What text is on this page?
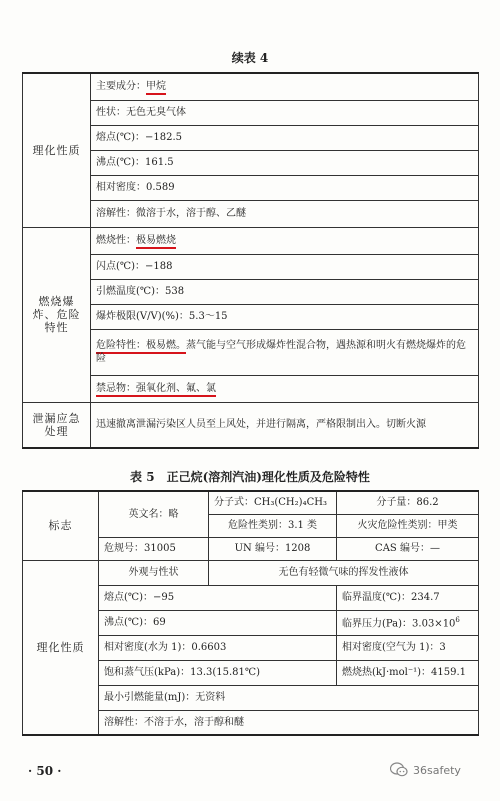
续表 4
理化性质	主要成分：甲烷
	性状：无色无臭气体
	熔点(℃)：−182.5
	沸点(℃)：161.5
	相对密度：0.589
	溶解性：微溶于水，溶于醇、乙醚
燃烧爆炸、危险特性	燃烧性：极易燃烧
	闪点(℃)：−188
	引燃温度(℃)：538
	爆炸极限(V/V)(%)：5.3～15
	危险特性：极易燃。蒸气能与空气形成爆炸性混合物，遇热源和明火有燃烧爆炸的危险
	禁忌物：强氧化剂、氟、氯
泄漏应急处理	迅速撤离泄漏污染区人员至上风处，并进行隔离，严格限制出入。切断火源
表 5　正己烷(溶剂汽油)理化性质及危险特性
标志	英文名：略	分子式：CH₃(CH₂)₄CH₃	分子量：86.2
		危险性类别：3.1 类	火灾危险性类别：甲类
	危规号：31005	UN 编号：1208	CAS 编号：—
理化性质	外观与性状	无色有轻微气味的挥发性液体	
	熔点(℃)：−95		临界温度(℃)：234.7
	沸点(℃)：69		临界压力(Pa)：$3.03\times 10^6$
	相对密度(水为 1)：0.6603		相对密度(空气为 1)：3
	饱和蒸气压(kPa)：13.3(15.81℃)		燃烧热(kJ·mol⁻¹)：4159.1
	最小引燃能量(mJ)：无资料		
	溶解性：不溶于水，溶于醇和醚		
· 50 ·	36safety
